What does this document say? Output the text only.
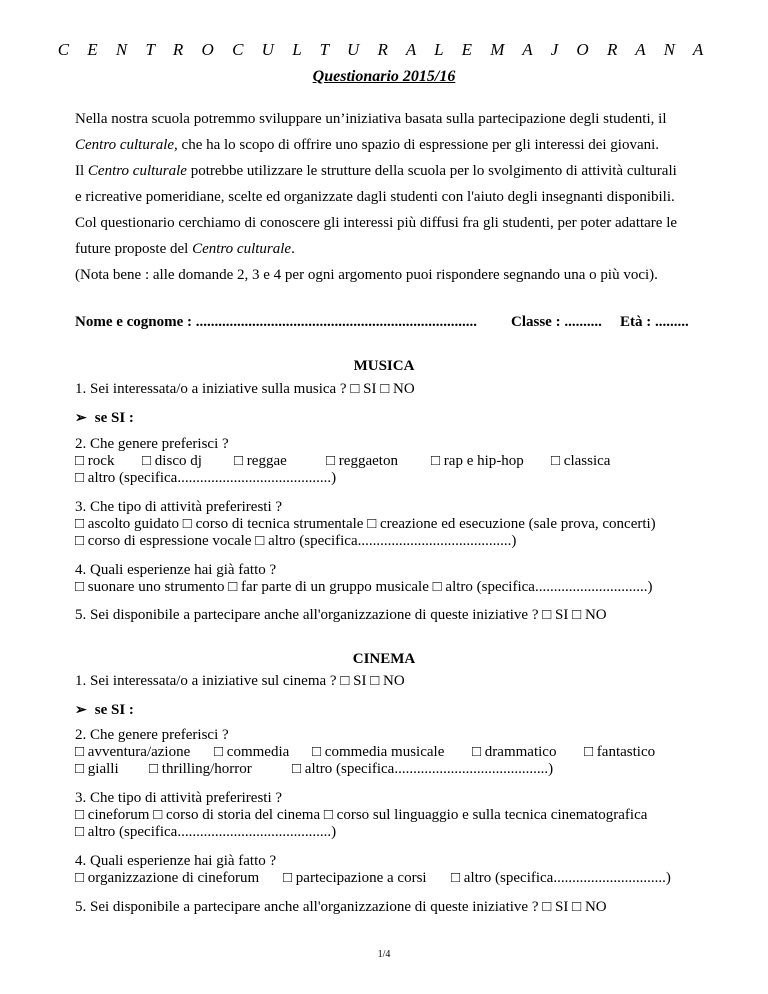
C E N T R O C U L T U R A L E M A J O R A N A
Questionario 2015/16
Nella nostra scuola potremmo sviluppare un’iniziativa basata sulla partecipazione degli studenti, il
Centro culturale, che ha lo scopo di offrire uno spazio di espressione per gli interessi dei giovani.
Il Centro culturale potrebbe utilizzare le strutture della scuola per lo svolgimento di attività culturali
e ricreative pomeridiane, scelte ed organizzate dagli studenti con l'aiuto degli insegnanti disponibili.
Col questionario cerchiamo di conoscere gli interessi più diffusi fra gli studenti, per poter adattare le
future proposte del Centro culturale.
(Nota bene : alle domande 2, 3 e 4 per ogni argomento puoi rispondere segnando una o più voci).
Nome e cognome : ........................................................................... Classe : .......... Età : .........
MUSICA
1. Sei interessata/o a iniziative sulla musica ? □ SI □ NO
➢ se SI :
2. Che genere preferisci ?
□ rock □ disco dj □ reggae	□ reggaeton □ rap e hip-hop □ classica
□ altro (specifica.........................................)
3. Che tipo di attività preferiresti ?
□ ascolto guidato □ corso di tecnica strumentale □ creazione ed esecuzione (sale prova, concerti)
□ corso di espressione vocale □ altro (specifica.........................................)
4. Quali esperienze hai già fatto ?
□ suonare uno strumento □ far parte di un gruppo musicale □ altro (specifica..............................)
5. Sei disponibile a partecipare anche all'organizzazione di queste iniziative ? □ SI □ NO
CINEMA
1. Sei interessata/o a iniziative sul cinema ? □ SI □ NO
➢ se SI :
2. Che genere preferisci ?
□ avventura/azione □ commedia □ commedia musicale □ drammatico □ fantastico
□ gialli □ thrilling/horror	□ altro (specifica.........................................)
3. Che tipo di attività preferiresti ?
□ cineforum □ corso di storia del cinema □ corso sul linguaggio e sulla tecnica cinematografica
□ altro (specifica.........................................)
4. Quali esperienze hai già fatto ?
□ organizzazione di cineforum □ partecipazione a corsi □ altro (specifica..............................)
5. Sei disponibile a partecipare anche all'organizzazione di queste iniziative ? □ SI □ NO
1/4
